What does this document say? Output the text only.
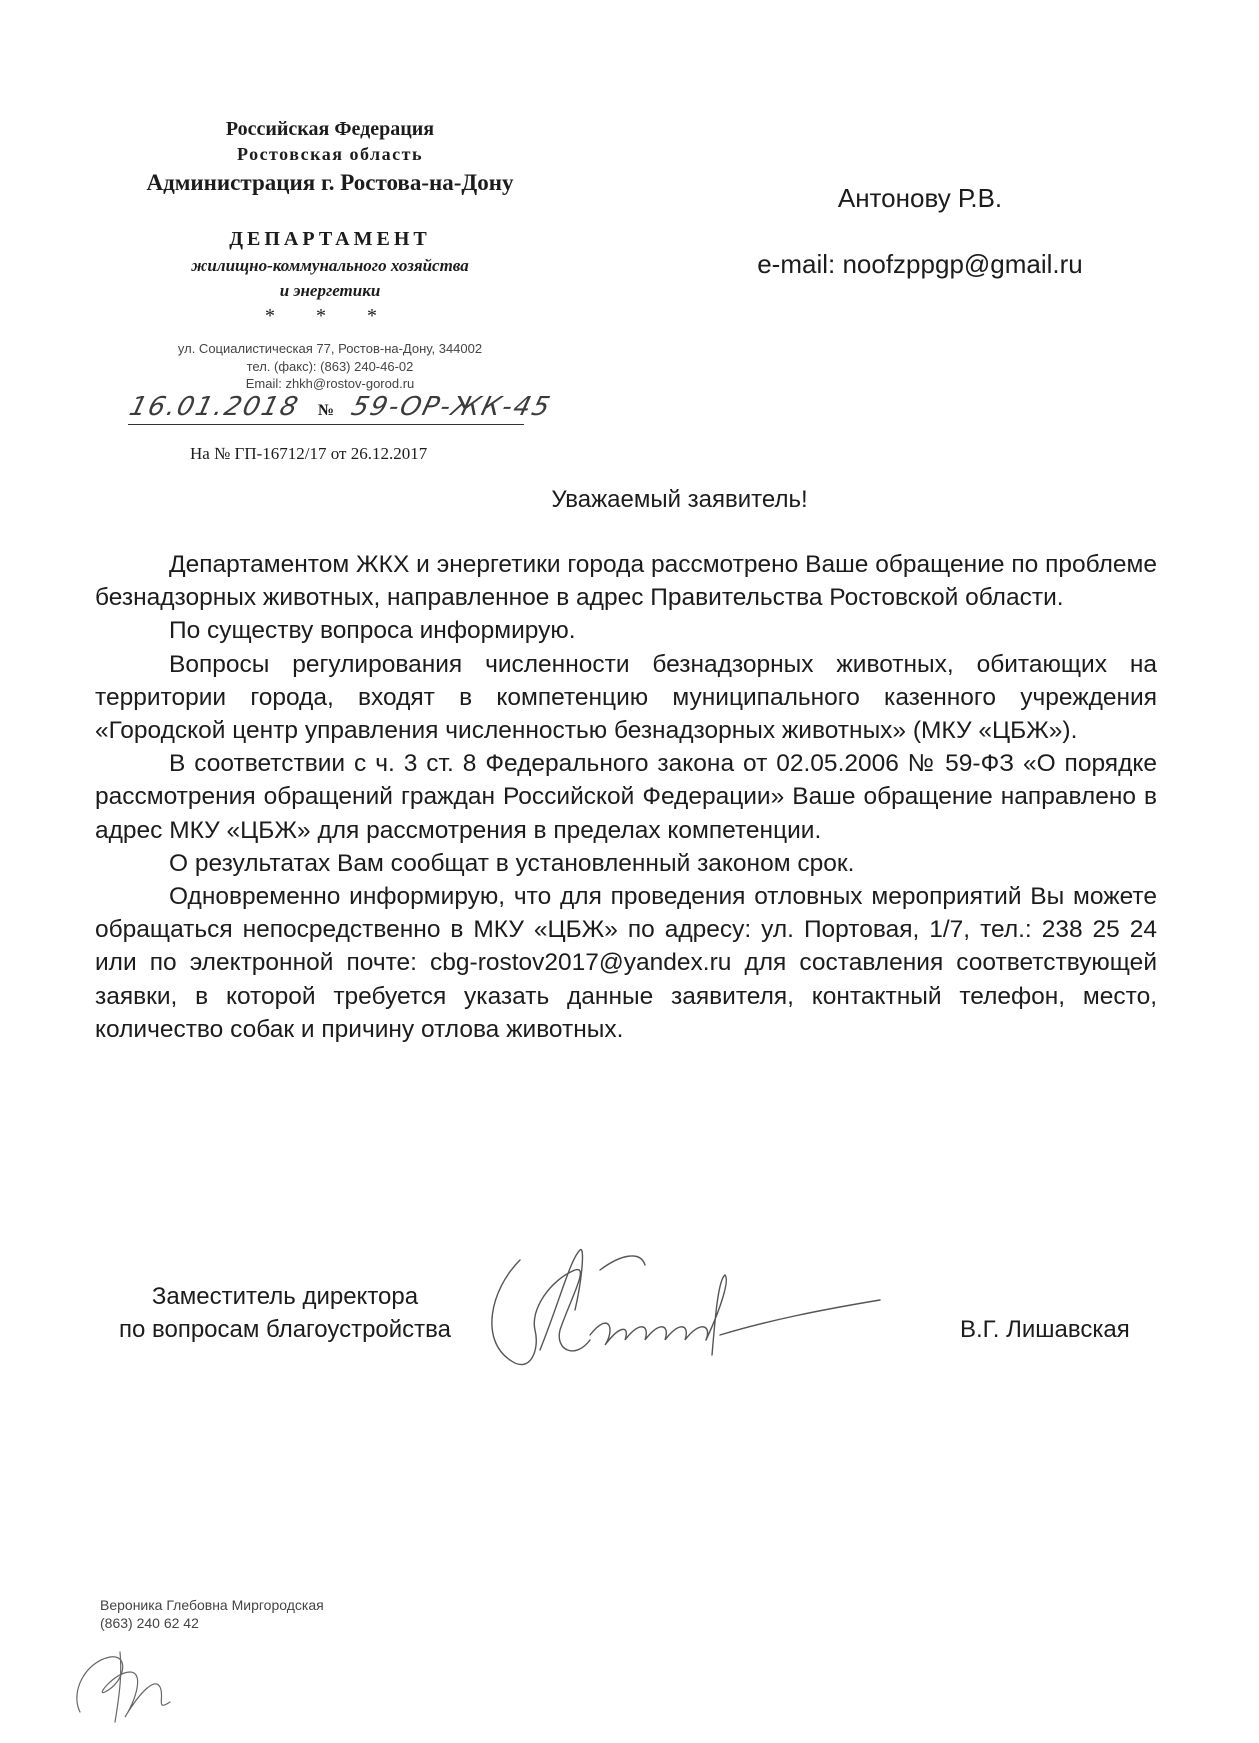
Российская Федерация
Ростовская область
Администрация г. Ростова-на-Дону
ДЕПАРТАМЕНТ
жилищно-коммунального хозяйства
и энергетики
* * *
ул. Социалистическая 77, Ростов-на-Дону, 344002
тел. (факс): (863) 240-46-02
Email: zhkh@rostov-gorod.ru
16.01.2018 № 59-ОР-ЖК-45
На № ГП-16712/17 от 26.12.2017
Антонову Р.В.
e-mail: noofzppgp@gmail.ru
Уважаемый заявитель!

Департаментом ЖКХ и энергетики города рассмотрено Ваше обращение по проблеме безнадзорных животных, направленное в адрес Правительства Ростовской области.

По существу вопроса информирую.

Вопросы регулирования численности безнадзорных животных, обитающих на территории города, входят в компетенцию муниципального казенного учреждения «Городской центр управления численностью безнадзорных животных» (МКУ «ЦБЖ»).

В соответствии с ч. 3 ст. 8 Федерального закона от 02.05.2006 № 59-ФЗ «О порядке рассмотрения обращений граждан Российской Федерации» Ваше обращение направлено в адрес МКУ «ЦБЖ» для рассмотрения в пределах компетенции.

О результатах Вам сообщат в установленный законом срок.

Одновременно информирую, что для проведения отловных мероприятий Вы можете обращаться непосредственно в МКУ «ЦБЖ» по адресу: ул. Портовая, 1/7, тел.: 238 25 24 или по электронной почте: cbg-rostov2017@yandex.ru для составления соответствующей заявки, в которой требуется указать данные заявителя, контактный телефон, место, количество собак и причину отлова животных.

Заместитель директора
по вопросам благоустройства	В.Г. Лишавская
Вероника Глебовна Миргородская
(863) 240 62 42
